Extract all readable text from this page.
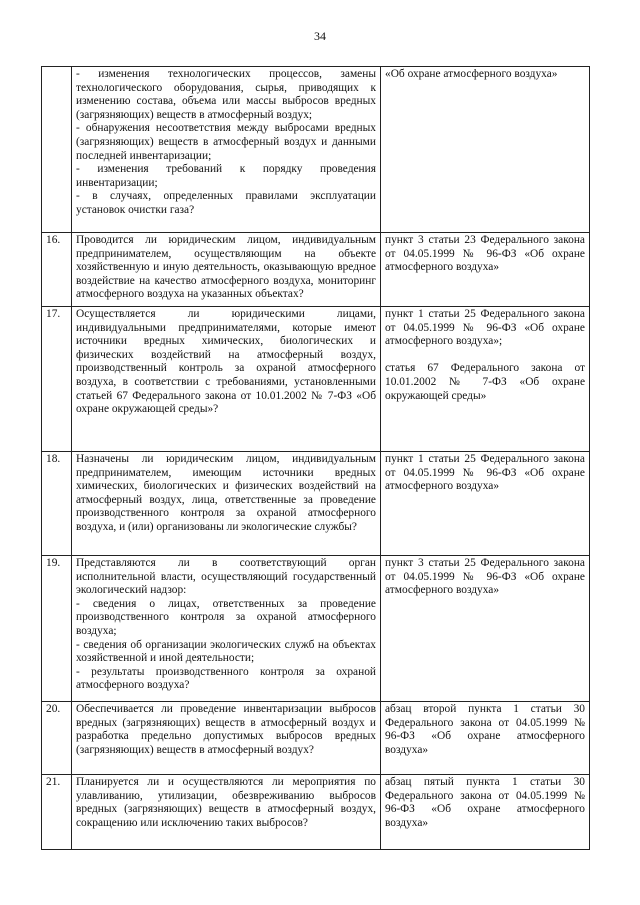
34
	- изменения технологических процессов, замены технологического оборудования, сырья, приводящих к изменению состава, объема или массы выбросов вредных (загрязняющих) веществ в атмосферный воздух;
- обнаружения несоответствия между выбросами вредных (загрязняющих) веществ в атмосферный воздух и данными последней инвентаризации;
- изменения требований к порядку проведения инвентаризации;
- в случаях, определенных правилами эксплуатации установок очистки газа?	«Об охране атмосферного воздуха»

16.	Проводится ли юридическим лицом, индивидуальным предпринимателем, осуществляющим на объекте хозяйственную и иную деятельность, оказывающую вредное воздействие на качество атмосферного воздуха, мониторинг атмосферного воздуха на указанных объектах?	пункт 3 статьи 23 Федерального закона от 04.05.1999 № 96-ФЗ «Об охране атмосферного воздуха»

17.	Осуществляется ли юридическими лицами, индивидуальными предпринимателями, которые имеют источники вредных химических, биологических и физических воздействий на атмосферный воздух, производственный контроль за охраной атмосферного воздуха, в соответствии с требованиями, установленными статьей 67 Федерального закона от 10.01.2002 № 7-ФЗ «Об охране окружающей среды»?	пункт 1 статьи 25 Федерального закона от 04.05.1999 № 96-ФЗ «Об охране атмосферного воздуха»;
статья 67 Федерального закона от 10.01.2002 № 7-ФЗ «Об охране окружающей среды»

18.	Назначены ли юридическим лицом, индивидуальным предпринимателем, имеющим источники вредных химических, биологических и физических воздействий на атмосферный воздух, лица, ответственные за проведение производственного контроля за охраной атмосферного воздуха, и (или) организованы ли экологические службы?	пункт 1 статьи 25 Федерального закона от 04.05.1999 № 96-ФЗ «Об охране атмосферного воздуха»

19.	Представляются ли в соответствующий орган исполнительной власти, осуществляющий государственный экологический надзор:
- сведения о лицах, ответственных за проведение производственного контроля за охраной атмосферного воздуха;
- сведения об организации экологических служб на объектах хозяйственной и иной деятельности;
- результаты производственного контроля за охраной атмосферного воздуха?	пункт 3 статьи 25 Федерального закона от 04.05.1999 № 96-ФЗ «Об охране атмосферного воздуха»

20.	Обеспечивается ли проведение инвентаризации выбросов вредных (загрязняющих) веществ в атмосферный воздух и разработка предельно допустимых выбросов вредных (загрязняющих) веществ в атмосферный воздух?	абзац второй пункта 1 статьи 30 Федерального закона от 04.05.1999 № 96-ФЗ «Об охране атмосферного воздуха»

21.	Планируется ли и осуществляются ли мероприятия по улавливанию, утилизации, обезвреживанию выбросов вредных (загрязняющих) веществ в атмосферный воздух, сокращению или исключению таких выбросов?	абзац пятый пункта 1 статьи 30 Федерального закона от 04.05.1999 № 96-ФЗ «Об охране атмосферного воздуха»
